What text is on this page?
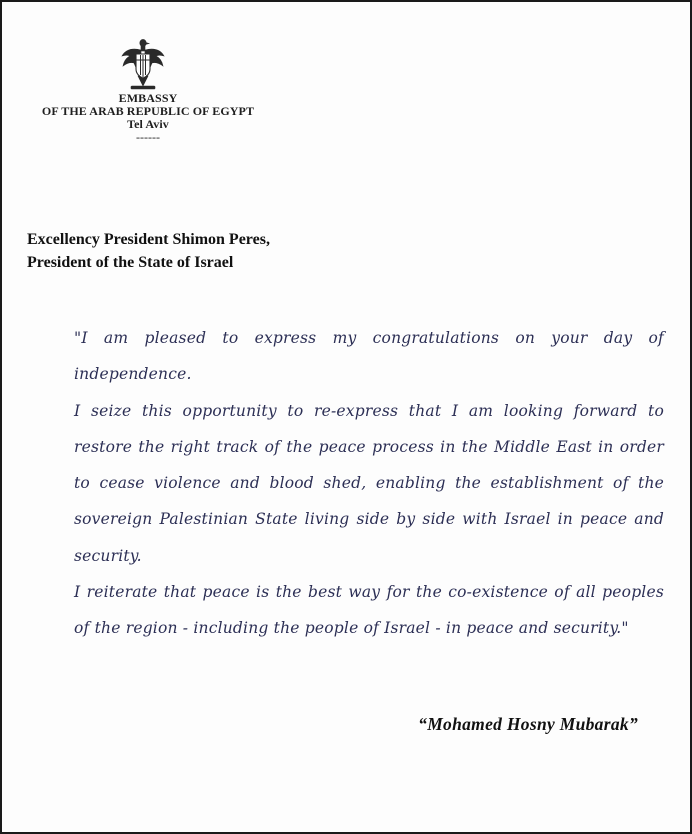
EMBASSY
OF THE ARAB REPUBLIC OF EGYPT
Tel Aviv
------
Excellency President Shimon Peres,
President of the State of Israel

"I am pleased to express my congratulations on your day of independence.

I seize this opportunity to re-express that I am looking forward to restore the right track of the peace process in the Middle East in order to cease violence and blood shed, enabling the establishment of the sovereign Palestinian State living side by side with Israel in peace and security.

I reiterate that peace is the best way for the co-existence of all peoples of the region - including the people of Israel - in peace and security."

“Mohamed Hosny Mubarak”
